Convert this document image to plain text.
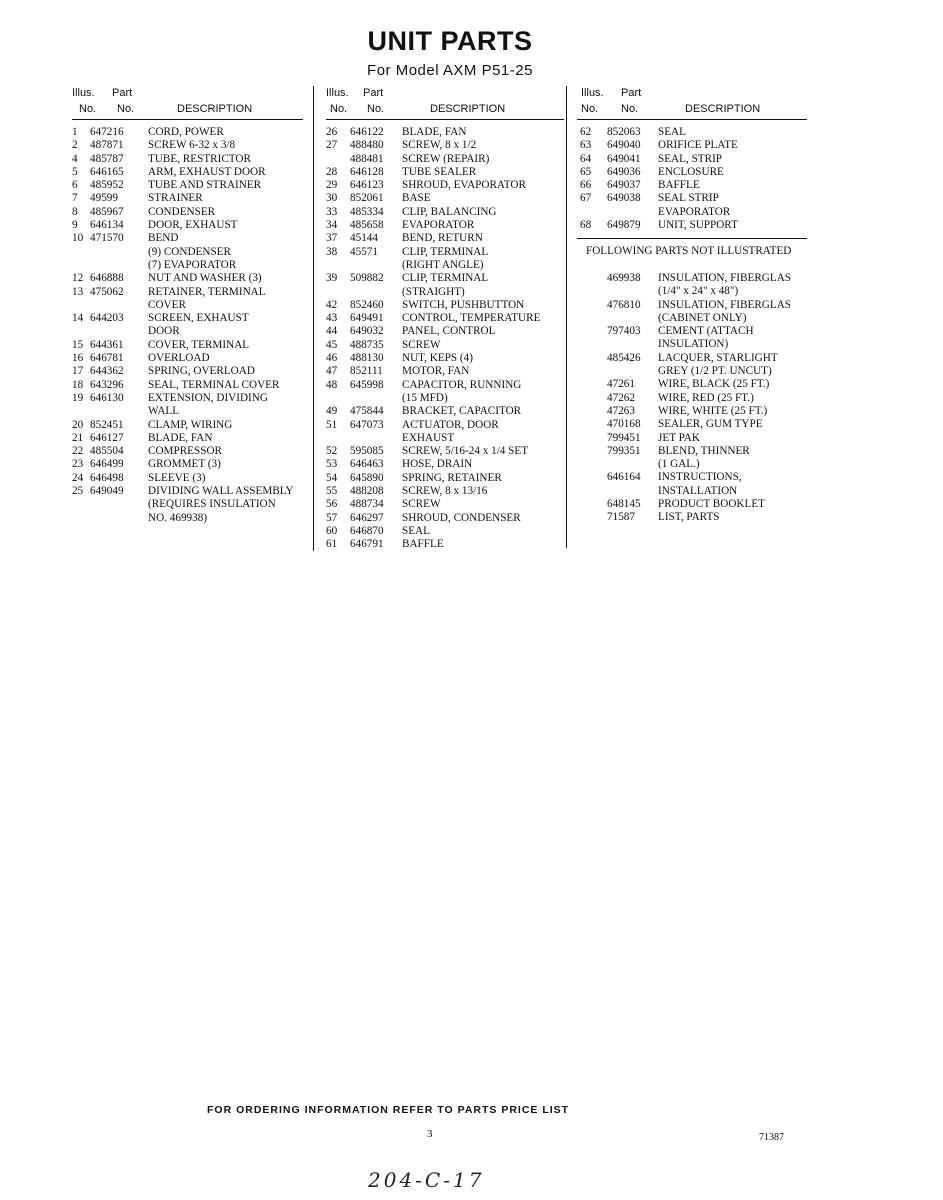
UNIT PARTS
For Model AXM P51-25
Illus. Part
No. No.	DESCRIPTION
1 647216 CORD, POWER
2 487871 SCREW 6-32 x 3/8
4 485787 TUBE, RESTRICTOR
5 646165 ARM, EXHAUST DOOR
6 485952 TUBE AND STRAINER
7 49599	STRAINER
8 485967 CONDENSER
9 646134 DOOR, EXHAUST
10 471570 BEND
(9) CONDENSER
(7) EVAPORATOR
12 646888 NUT AND WASHER (3)
13 475062 RETAINER, TERMINAL
COVER
14 644203 SCREEN, EXHAUST
DOOR
15 644361 COVER, TERMINAL
16 646781 OVERLOAD
17 644362 SPRING, OVERLOAD
18 643296 SEAL, TERMINAL COVER
19 646130 EXTENSION, DIVIDING
WALL
20 852451 CLAMP, WIRING
21 646127 BLADE, FAN
22 485504 COMPRESSOR
23 646499 GROMMET (3)
24 646498 SLEEVE (3)
25 649049 DIVIDING WALL ASSEMBLY
(REQUIRES INSULATION
NO. 469938)
Illus. Part
No. No.	DESCRIPTION
26 646122 BLADE, FAN
27 488480 SCREW, 8 x 1/2
488481 SCREW (REPAIR)
28 646128 TUBE SEALER
29 646123 SHROUD, EVAPORATOR
30 852061 BASE
33 485334 CLIP, BALANCING
34 485658 EVAPORATOR
37 45144 BEND, RETURN
38 45571 CLIP, TERMINAL
(RIGHT ANGLE)
39 509882 CLIP, TERMINAL
(STRAIGHT)
42 852460 SWITCH, PUSHBUTTON
43 649491 CONTROL, TEMPERATURE
44 649032 PANEL, CONTROL
45 488735 SCREW
46 488130 NUT, KEPS (4)
47 852111 MOTOR, FAN
48 645998 CAPACITOR, RUNNING
(15 MFD)
49 475844 BRACKET, CAPACITOR
51 647073 ACTUATOR, DOOR
EXHAUST
52 595085 SCREW, 5/16-24 x 1/4 SET
53 646463 HOSE, DRAIN
54 645890 SPRING, RETAINER
55 488208 SCREW, 8 x 13/16
56 488734 SCREW
57 646297 SHROUD, CONDENSER
60 646870 SEAL
61 646791 BAFFLE
Illus. Part
No. No.	DESCRIPTION
62 852063 SEAL
63 649040 ORIFICE PLATE
64 649041 SEAL, STRIP
65 649036 ENCLOSURE
66 649037 BAFFLE
67 649038 SEAL STRIP
EVAPORATOR
68 649879 UNIT, SUPPORT
FOLLOWING PARTS NOT ILLUSTRATED
469938 INSULATION, FIBERGLAS
(1/4" x 24" x 48")
476810 INSULATION, FIBERGLAS
(CABINET ONLY)
797403 CEMENT (ATTACH
INSULATION)
485426 LACQUER, STARLIGHT
GREY (1/2 PT. UNCUT)
47261 WIRE, BLACK (25 FT.)
47262 WIRE, RED (25 FT.)
47263 WIRE, WHITE (25 FT.)
470168 SEALER, GUM TYPE
799451 JET PAK
799351 BLEND, THINNER
(1 GAL.)
646164 INSTRUCTIONS,
INSTALLATION
648145 PRODUCT BOOKLET
71587 LIST, PARTS
FOR ORDERING INFORMATION REFER TO PARTS PRICE LIST
3	71387
204-C-17
